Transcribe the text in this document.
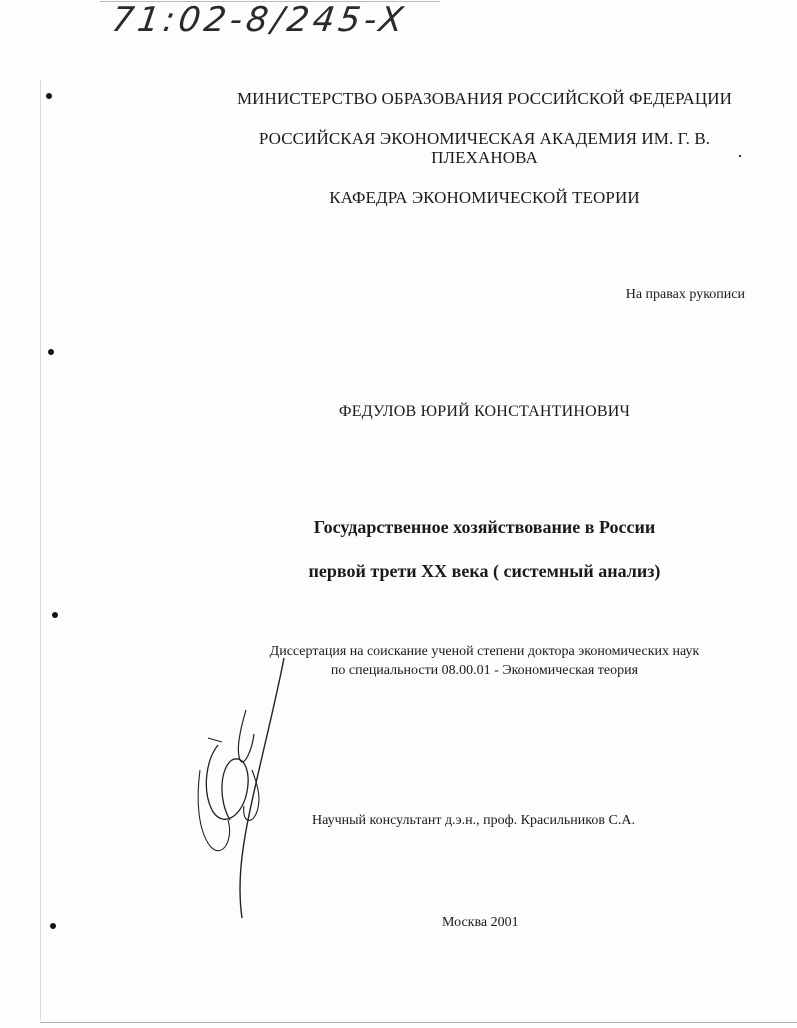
71:02-8/245-X
МИНИСТЕРСТВО ОБРАЗОВАНИЯ РОССИЙСКОЙ ФЕДЕРАЦИИ
РОССИЙСКАЯ ЭКОНОМИЧЕСКАЯ АКАДЕМИЯ ИМ. Г. В.
ПЛЕХАНОВА
КАФЕДРА ЭКОНОМИЧЕСКОЙ ТЕОРИИ
На правах рукописи
ФЕДУЛОВ ЮРИЙ КОНСТАНТИНОВИЧ
Государственное хозяйствование в России
первой трети ХХ века ( системный анализ)
Диссертация на соискание ученой степени доктора экономических наук
по специальности 08.00.01 - Экономическая теория
Научный консультант д.э.н., проф. Красильников С.А.
Москва 2001
